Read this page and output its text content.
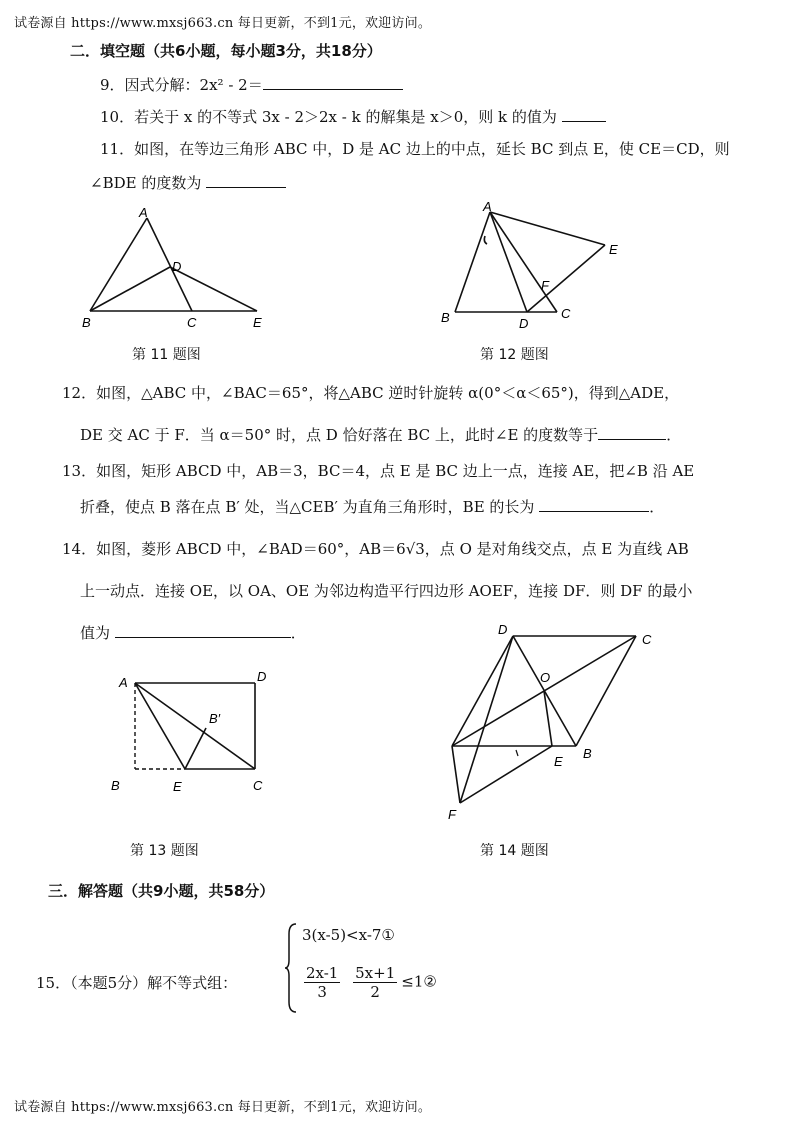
试卷源自 https://www.mxsj663.cn 每日更新，不到1元，欢迎访问。
二．填空题（共6小题，每小题3分，共18分）
9．因式分解：2x² - 2＝
10．若关于 x 的不等式 3x - 2＞2x - k 的解集是 x＞0，则 k 的值为
11．如图，在等边三角形 ABC 中，D 是 AC 边上的中点，延长 BC 到点 E，使 CE＝CD，则
∠BDE 的度数为
A
B	C
D
E
第 11 题图
A
B	C
D
E
F
第 12 题图
12．如图，△ABC 中，∠BAC＝65°，将△ABC 逆时针旋转 α(0°＜α＜65°)，得到△ADE，
DE 交 AC 于 F．当 α＝50° 时，点 D 恰好落在 BC 上，此时∠E 的度数等于	．
13．如图，矩形 ABCD 中，AB＝3，BC＝4，点 E 是 BC 边上一点，连接 AE，把∠B 沿 AE
折叠，使点 B 落在点 B′ 处，当△CEB′ 为直角三角形时，BE 的长为	．
14．如图，菱形 ABCD 中，∠BAD＝60°，AB＝6√3，点 O 是对角线交点，点 E 为直线 AB
上一动点．连接 OE，以 OA、OE 为邻边构造平行四边形 AOEF，连接 DF．则 DF 的最小
值为	．
A	D
B	E	C
B′
第 13 题图
D
C
O
B
E
F
第 14 题图
三．解答题（共9小题，共58分）
15．（本题5分）解不等式组：
3(x-5)<x-7①
$\frac{2x-1}{3}$
$\frac{5x+1}{2}$ ≤1②
试卷源自 https://www.mxsj663.cn 每日更新，不到1元，欢迎访问。
